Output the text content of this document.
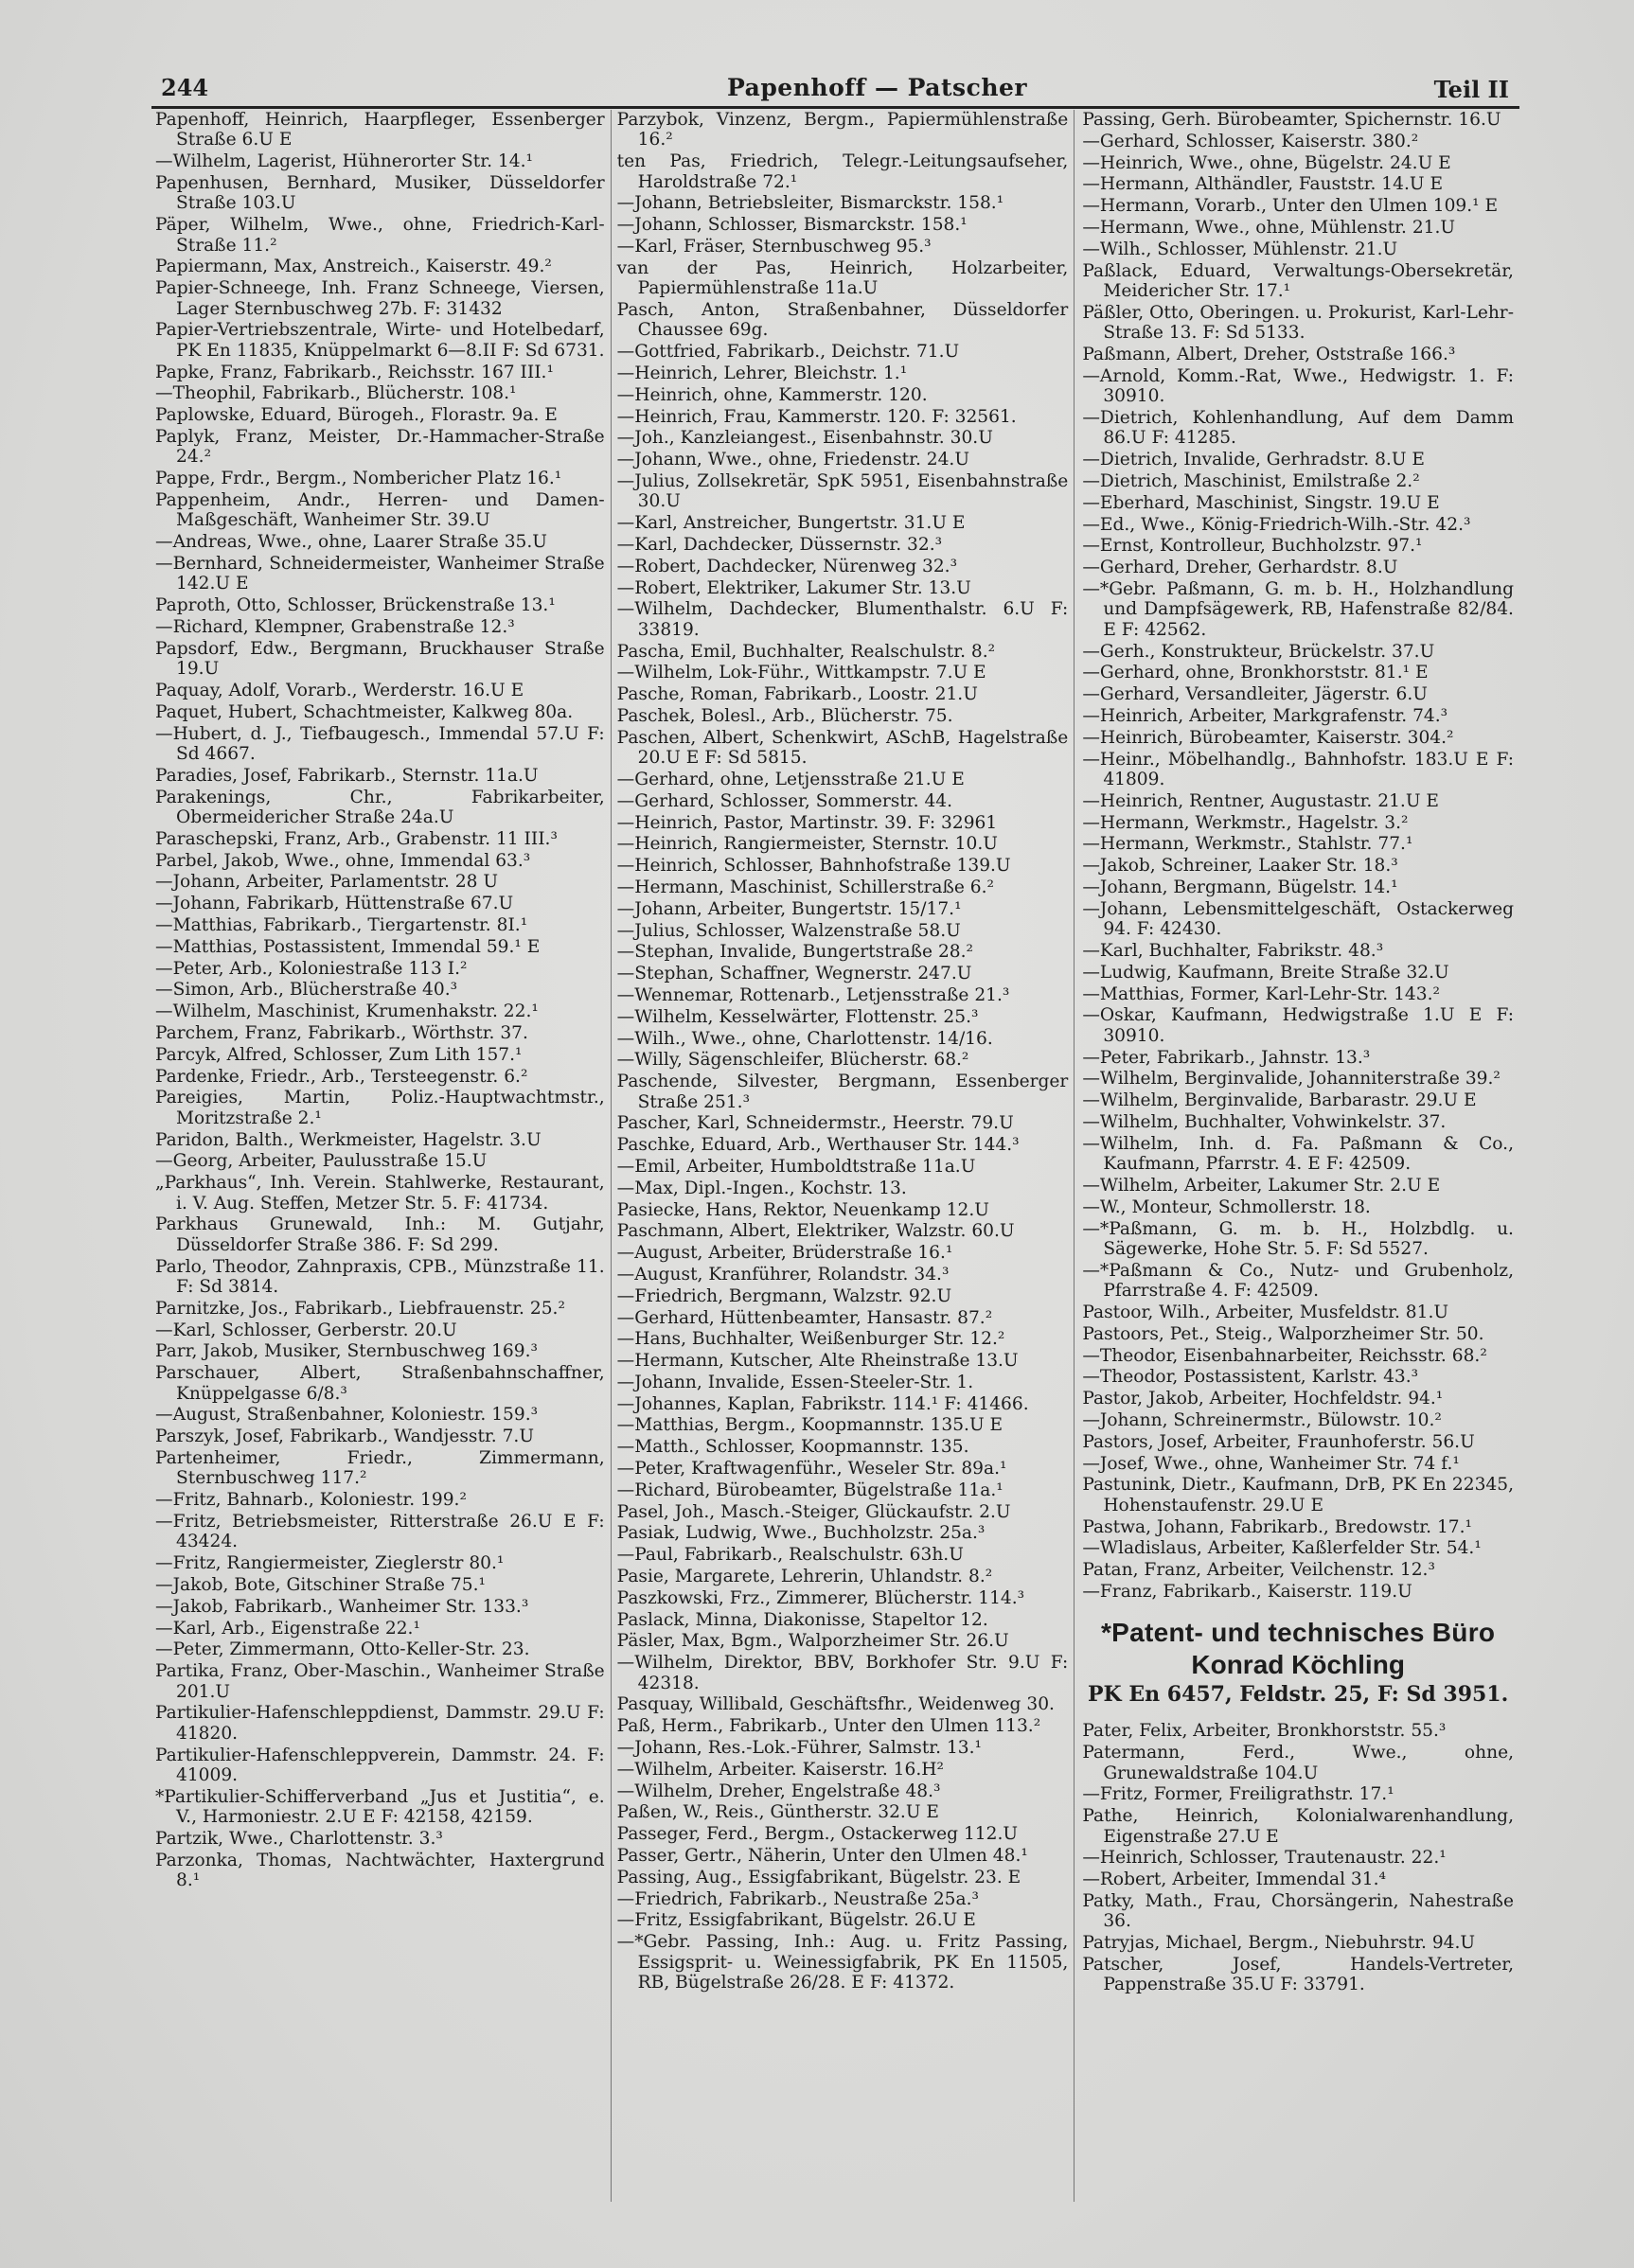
244	Papenhoff — Patscher	Teil II
Papenhoff, Heinrich, Haarpfleger, Essenberger Straße 6.U E
—Wilhelm, Lagerist, Hühnerorter Str. 14.¹
Papenhusen, Bernhard, Musiker, Düsseldorfer Straße 103.U
Päper, Wilhelm, Wwe., ohne, Friedrich-Karl-Straße 11.²
Papiermann, Max, Anstreich., Kaiserstr. 49.²
Papier-Schneege, Inh. Franz Schneege, Viersen, Lager Sternbuschweg 27b. F: 31432
Papier-Vertriebszentrale, Wirte- und Hotelbedarf, PK En 11835, Knüppelmarkt 6—8.II F: Sd 6731.
Papke, Franz, Fabrikarb., Reichsstr. 167 III.¹
—Theophil, Fabrikarb., Blücherstr. 108.¹
Paplowske, Eduard, Bürogeh., Florastr. 9a. E
Paplyk, Franz, Meister, Dr.-Hammacher-Straße 24.²
Pappe, Frdr., Bergm., Nombericher Platz 16.¹
Pappenheim, Andr., Herren- und Damen-Maßgeschäft, Wanheimer Str. 39.U
—Andreas, Wwe., ohne, Laarer Straße 35.U
—Bernhard, Schneidermeister, Wanheimer Straße 142.U E
Paproth, Otto, Schlosser, Brückenstraße 13.¹
—Richard, Klempner, Grabenstraße 12.³
Papsdorf, Edw., Bergmann, Bruckhauser Straße 19.U
Paquay, Adolf, Vorarb., Werderstr. 16.U E
Paquet, Hubert, Schachtmeister, Kalkweg 80a.
—Hubert, d. J., Tiefbaugesch., Immendal 57.U F: Sd 4667.
Paradies, Josef, Fabrikarb., Sternstr. 11a.U
Parakenings, Chr., Fabrikarbeiter, Obermeidericher Straße 24a.U
Paraschepski, Franz, Arb., Grabenstr. 11 III.³
Parbel, Jakob, Wwe., ohne, Immendal 63.³
—Johann, Arbeiter, Parlamentstr. 28 U
—Johann, Fabrikarb, Hüttenstraße 67.U
—Matthias, Fabrikarb., Tiergartenstr. 8I.¹
—Matthias, Postassistent, Immendal 59.¹ E
—Peter, Arb., Koloniestraße 113 I.²
—Simon, Arb., Blücherstraße 40.³
—Wilhelm, Maschinist, Krumenhakstr. 22.¹
Parchem, Franz, Fabrikarb., Wörthstr. 37.
Parcyk, Alfred, Schlosser, Zum Lith 157.¹
Pardenke, Friedr., Arb., Tersteegenstr. 6.²
Pareigies, Martin, Poliz.-Hauptwachtmstr., Moritzstraße 2.¹
Paridon, Balth., Werkmeister, Hagelstr. 3.U
—Georg, Arbeiter, Paulusstraße 15.U
„Parkhaus“, Inh. Verein. Stahlwerke, Restaurant, i. V. Aug. Steffen, Metzer Str. 5. F: 41734.
Parkhaus Grunewald, Inh.: M. Gutjahr, Düsseldorfer Straße 386. F: Sd 299.
Parlo, Theodor, Zahnpraxis, CPB., Münzstraße 11. F: Sd 3814.
Parnitzke, Jos., Fabrikarb., Liebfrauenstr. 25.²
—Karl, Schlosser, Gerberstr. 20.U
Parr, Jakob, Musiker, Sternbuschweg 169.³
Parschauer, Albert, Straßenbahnschaffner, Knüppelgasse 6/8.³
—August, Straßenbahner, Koloniestr. 159.³
Parszyk, Josef, Fabrikarb., Wandjesstr. 7.U
Partenheimer, Friedr., Zimmermann, Sternbuschweg 117.²
—Fritz, Bahnarb., Koloniestr. 199.²
—Fritz, Betriebsmeister, Ritterstraße 26.U E F: 43424.
—Fritz, Rangiermeister, Zieglerstr 80.¹
—Jakob, Bote, Gitschiner Straße 75.¹
—Jakob, Fabrikarb., Wanheimer Str. 133.³
—Karl, Arb., Eigenstraße 22.¹
—Peter, Zimmermann, Otto-Keller-Str. 23.
Partika, Franz, Ober-Maschin., Wanheimer Straße 201.U
Partikulier-Hafenschleppdienst, Dammstr. 29.U F: 41820.
Partikulier-Hafenschleppverein, Dammstr. 24. F: 41009.
*Partikulier-Schifferverband „Jus et Justitia“, e. V., Harmoniestr. 2.U E F: 42158, 42159.
Partzik, Wwe., Charlottenstr. 3.³
Parzonka, Thomas, Nachtwächter, Haxtergrund 8.¹
Parzybok, Vinzenz, Bergm., Papiermühlenstraße 16.²
ten Pas, Friedrich, Telegr.-Leitungsaufseher, Haroldstraße 72.¹
—Johann, Betriebsleiter, Bismarckstr. 158.¹
—Johann, Schlosser, Bismarckstr. 158.¹
—Karl, Fräser, Sternbuschweg 95.³
van der Pas, Heinrich, Holzarbeiter, Papiermühlenstraße 11a.U
Pasch, Anton, Straßenbahner, Düsseldorfer Chaussee 69g.
—Gottfried, Fabrikarb., Deichstr. 71.U
—Heinrich, Lehrer, Bleichstr. 1.¹
—Heinrich, ohne, Kammerstr. 120.
—Heinrich, Frau, Kammerstr. 120. F: 32561.
—Joh., Kanzleiangest., Eisenbahnstr. 30.U
—Johann, Wwe., ohne, Friedenstr. 24.U
—Julius, Zollsekretär, SpK 5951, Eisenbahnstraße 30.U
—Karl, Anstreicher, Bungertstr. 31.U E
—Karl, Dachdecker, Düssernstr. 32.³
—Robert, Dachdecker, Nürenweg 32.³
—Robert, Elektriker, Lakumer Str. 13.U
—Wilhelm, Dachdecker, Blumenthalstr. 6.U F: 33819.
Pascha, Emil, Buchhalter, Realschulstr. 8.²
—Wilhelm, Lok-Führ., Wittkampstr. 7.U E
Pasche, Roman, Fabrikarb., Loostr. 21.U
Paschek, Bolesl., Arb., Blücherstr. 75.
Paschen, Albert, Schenkwirt, ASchB, Hagelstraße 20.U E F: Sd 5815.
—Gerhard, ohne, Letjensstraße 21.U E
—Gerhard, Schlosser, Sommerstr. 44.
—Heinrich, Pastor, Martinstr. 39. F: 32961
—Heinrich, Rangiermeister, Sternstr. 10.U
—Heinrich, Schlosser, Bahnhofstraße 139.U
—Hermann, Maschinist, Schillerstraße 6.²
—Johann, Arbeiter, Bungertstr. 15/17.¹
—Julius, Schlosser, Walzenstraße 58.U
—Stephan, Invalide, Bungertstraße 28.²
—Stephan, Schaffner, Wegnerstr. 247.U
—Wennemar, Rottenarb., Letjensstraße 21.³
—Wilhelm, Kesselwärter, Flottenstr. 25.³
—Wilh., Wwe., ohne, Charlottenstr. 14/16.
—Willy, Sägenschleifer, Blücherstr. 68.²
Paschende, Silvester, Bergmann, Essenberger Straße 251.³
Pascher, Karl, Schneidermstr., Heerstr. 79.U
Paschke, Eduard, Arb., Werthauser Str. 144.³
—Emil, Arbeiter, Humboldtstraße 11a.U
—Max, Dipl.-Ingen., Kochstr. 13.
Pasiecke, Hans, Rektor, Neuenkamp 12.U
Paschmann, Albert, Elektriker, Walzstr. 60.U
—August, Arbeiter, Brüderstraße 16.¹
—August, Kranführer, Rolandstr. 34.³
—Friedrich, Bergmann, Walzstr. 92.U
—Gerhard, Hüttenbeamter, Hansastr. 87.²
—Hans, Buchhalter, Weißenburger Str. 12.²
—Hermann, Kutscher, Alte Rheinstraße 13.U
—Johann, Invalide, Essen-Steeler-Str. 1.
—Johannes, Kaplan, Fabrikstr. 114.¹ F: 41466.
—Matthias, Bergm., Koopmannstr. 135.U E
—Matth., Schlosser, Koopmannstr. 135.
—Peter, Kraftwagenführ., Weseler Str. 89a.¹
—Richard, Bürobeamter, Bügelstraße 11a.¹
Pasel, Joh., Masch.-Steiger, Glückaufstr. 2.U
Pasiak, Ludwig, Wwe., Buchholzstr. 25a.³
—Paul, Fabrikarb., Realschulstr. 63h.U
Pasie, Margarete, Lehrerin, Uhlandstr. 8.²
Paszkowski, Frz., Zimmerer, Blücherstr. 114.³
Paslack, Minna, Diakonisse, Stapeltor 12.
Päsler, Max, Bgm., Walporzheimer Str. 26.U
—Wilhelm, Direktor, BBV, Borkhofer Str. 9.U F: 42318.
Pasquay, Willibald, Geschäftsfhr., Weidenweg 30.
Paß, Herm., Fabrikarb., Unter den Ulmen 113.²
—Johann, Res.-Lok.-Führer, Salmstr. 13.¹
—Wilhelm, Arbeiter. Kaiserstr. 16.H²
—Wilhelm, Dreher, Engelstraße 48.³
Paßen, W., Reis., Güntherstr. 32.U E
Passeger, Ferd., Bergm., Ostackerweg 112.U
Passer, Gertr., Näherin, Unter den Ulmen 48.¹
Passing, Aug., Essigfabrikant, Bügelstr. 23. E
—Friedrich, Fabrikarb., Neustraße 25a.³
—Fritz, Essigfabrikant, Bügelstr. 26.U E
—*Gebr. Passing, Inh.: Aug. u. Fritz Passing, Essigsprit- u. Weinessigfabrik, PK En 11505, RB, Bügelstraße 26/28. E F: 41372.
Passing, Gerh. Bürobeamter, Spichernstr. 16.U
—Gerhard, Schlosser, Kaiserstr. 380.²
—Heinrich, Wwe., ohne, Bügelstr. 24.U E
—Hermann, Althändler, Fauststr. 14.U E
—Hermann, Vorarb., Unter den Ulmen 109.¹ E
—Hermann, Wwe., ohne, Mühlenstr. 21.U
—Wilh., Schlosser, Mühlenstr. 21.U
Paßlack, Eduard, Verwaltungs-Obersekretär, Meidericher Str. 17.¹
Päßler, Otto, Oberingen. u. Prokurist, Karl-Lehr-Straße 13. F: Sd 5133.
Paßmann, Albert, Dreher, Oststraße 166.³
—Arnold, Komm.-Rat, Wwe., Hedwigstr. 1. F: 30910.
—Dietrich, Kohlenhandlung, Auf dem Damm 86.U F: 41285.
—Dietrich, Invalide, Gerhradstr. 8.U E
—Dietrich, Maschinist, Emilstraße 2.²
—Eberhard, Maschinist, Singstr. 19.U E
—Ed., Wwe., König-Friedrich-Wilh.-Str. 42.³
—Ernst, Kontrolleur, Buchholzstr. 97.¹
—Gerhard, Dreher, Gerhardstr. 8.U
—*Gebr. Paßmann, G. m. b. H., Holzhandlung und Dampfsägewerk, RB, Hafenstraße 82/84. E F: 42562.
—Gerh., Konstrukteur, Brückelstr. 37.U
—Gerhard, ohne, Bronkhorststr. 81.¹ E
—Gerhard, Versandleiter, Jägerstr. 6.U
—Heinrich, Arbeiter, Markgrafenstr. 74.³
—Heinrich, Bürobeamter, Kaiserstr. 304.²
—Heinr., Möbelhandlg., Bahnhofstr. 183.U E F: 41809.
—Heinrich, Rentner, Augustastr. 21.U E
—Hermann, Werkmstr., Hagelstr. 3.²
—Hermann, Werkmstr., Stahlstr. 77.¹
—Jakob, Schreiner, Laaker Str. 18.³
—Johann, Bergmann, Bügelstr. 14.¹
—Johann, Lebensmittelgeschäft, Ostackerweg 94. F: 42430.
—Karl, Buchhalter, Fabrikstr. 48.³
—Ludwig, Kaufmann, Breite Straße 32.U
—Matthias, Former, Karl-Lehr-Str. 143.²
—Oskar, Kaufmann, Hedwigstraße 1.U E F: 30910.
—Peter, Fabrikarb., Jahnstr. 13.³
—Wilhelm, Berginvalide, Johanniterstraße 39.²
—Wilhelm, Berginvalide, Barbarastr. 29.U E
—Wilhelm, Buchhalter, Vohwinkelstr. 37.
—Wilhelm, Inh. d. Fa. Paßmann & Co., Kaufmann, Pfarrstr. 4. E F: 42509.
—Wilhelm, Arbeiter, Lakumer Str. 2.U E
—W., Monteur, Schmollerstr. 18.
—*Paßmann, G. m. b. H., Holzbdlg. u. Sägewerke, Hohe Str. 5. F: Sd 5527.
—*Paßmann & Co., Nutz- und Grubenholz, Pfarrstraße 4. F: 42509.
Pastoor, Wilh., Arbeiter, Musfeldstr. 81.U
Pastoors, Pet., Steig., Walporzheimer Str. 50.
—Theodor, Eisenbahnarbeiter, Reichsstr. 68.²
—Theodor, Postassistent, Karlstr. 43.³
Pastor, Jakob, Arbeiter, Hochfeldstr. 94.¹
—Johann, Schreinermstr., Bülowstr. 10.²
Pastors, Josef, Arbeiter, Fraunhoferstr. 56.U
—Josef, Wwe., ohne, Wanheimer Str. 74 f.¹
Pastunink, Dietr., Kaufmann, DrB, PK En 22345, Hohenstaufenstr. 29.U E
Pastwa, Johann, Fabrikarb., Bredowstr. 17.¹
—Wladislaus, Arbeiter, Kaßlerfelder Str. 54.¹
Patan, Franz, Arbeiter, Veilchenstr. 12.³
—Franz, Fabrikarb., Kaiserstr. 119.U
*Patent- und technisches Büro
Konrad Köchling
PK En 6457, Feldstr. 25, F: Sd 3951.
Pater, Felix, Arbeiter, Bronkhorststr. 55.³
Patermann, Ferd., Wwe., ohne, Grunewaldstraße 104.U
—Fritz, Former, Freiligrathstr. 17.¹
Pathe, Heinrich, Kolonialwarenhandlung, Eigenstraße 27.U E
—Heinrich, Schlosser, Trautenaustr. 22.¹
—Robert, Arbeiter, Immendal 31.⁴
Patky, Math., Frau, Chorsängerin, Nahestraße 36.
Patryjas, Michael, Bergm., Niebuhrstr. 94.U
Patscher, Josef, Handels-Vertreter, Pappenstraße 35.U F: 33791.
